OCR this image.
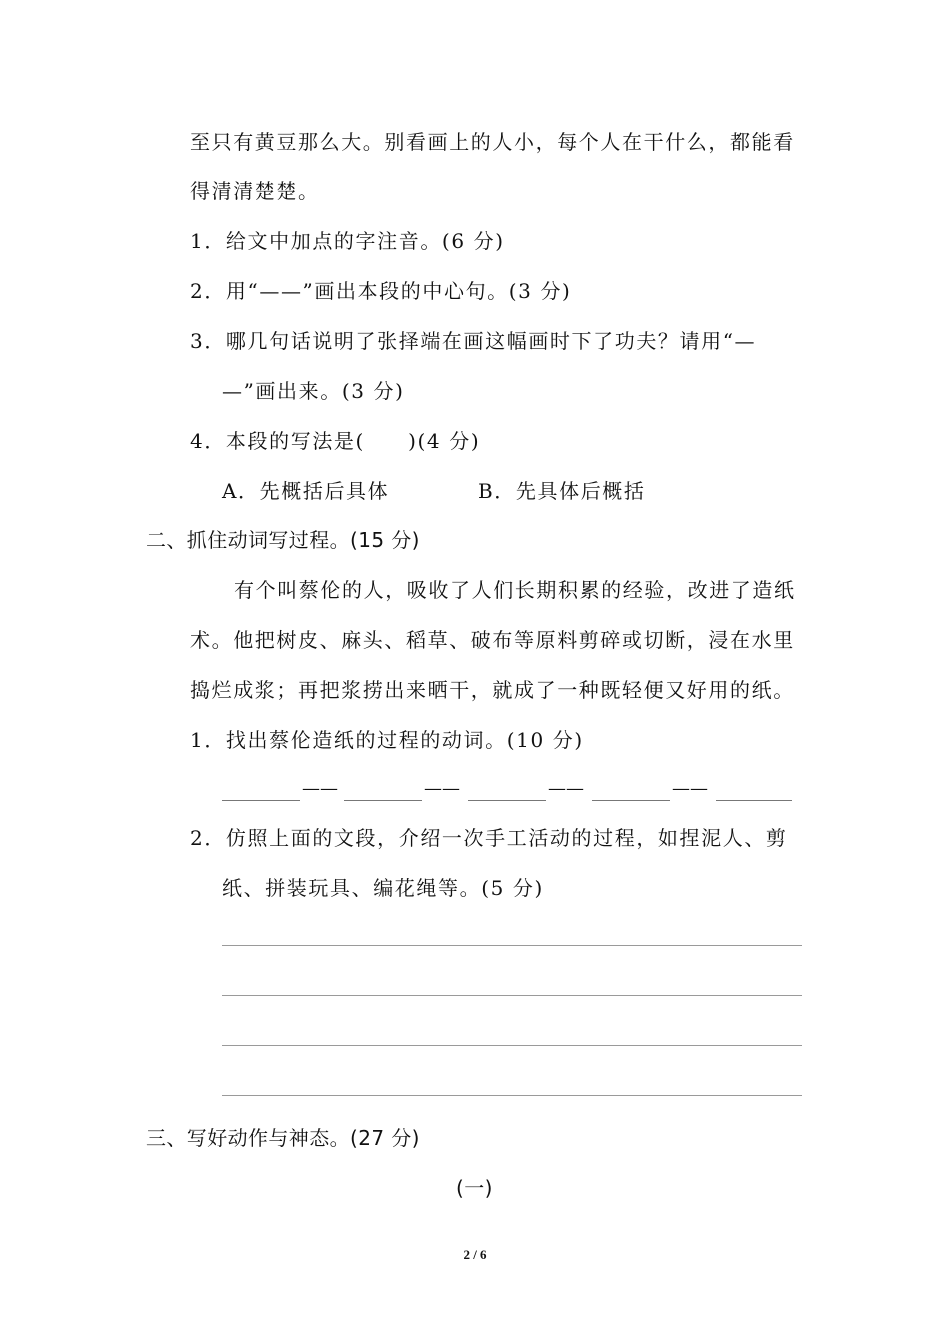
至只有黄豆那么大。别看画上的人小，每个人在干什么，都能看
得清清楚楚。
1．给文中加点的字注音。(6 分)
2．用“——”画出本段的中心句。(3 分)
3．哪几句话说明了张择端在画这幅画时下了功夫？请用“—
—”画出来。(3 分)
4．本段的写法是(　　)(4 分)
A．先概括后具体	B．先具体后概括
二、抓住动词写过程。(15 分)
有个叫蔡伦的人，吸收了人们长期积累的经验，改进了造纸
术。他把树皮、麻头、稻草、破布等原料剪碎或切断，浸在水里
捣烂成浆；再把浆捞出来晒干，就成了一种既轻便又好用的纸。
1．找出蔡伦造纸的过程的动词。(10 分)
——	——	——	——
2．仿照上面的文段，介绍一次手工活动的过程，如捏泥人、剪
纸、拼装玩具、编花绳等。(5 分)
三、写好动作与神态。(27 分)
(一)
2 / 6
